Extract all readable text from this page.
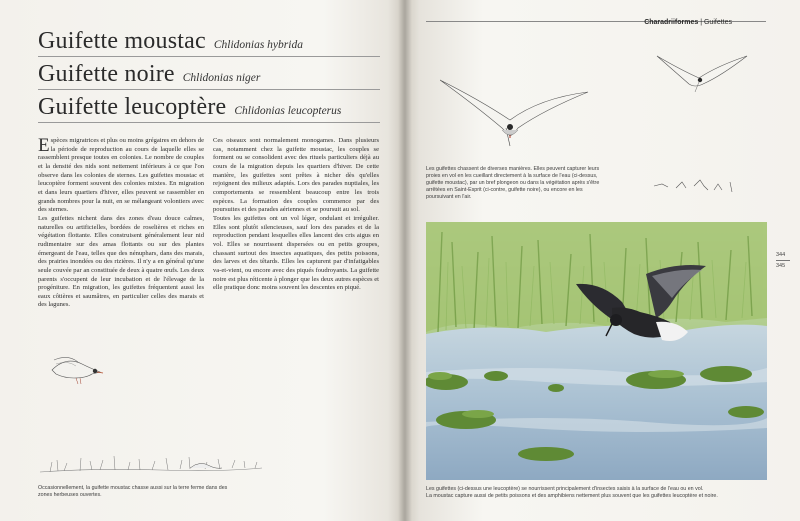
Guifette moustac Chlidonias hybrida
Guifette noire Chlidonias niger
Guifette leucoptère Chlidonias leucopterus

Espèces migratrices et plus ou moins grégaires en dehors de la période de reproduction au cours de laquelle elles se rassemblent presque toutes en colonies. Le nombre de couples et la densité des nids sont nettement inférieurs à ce que l'on observe dans les colonies de sternes. Les guifettes moustac et leucoptère forment souvent des colonies mixtes. En migration et dans leurs quartiers d'hiver, elles peuvent se rassembler en grands nombres pour la nuit, en se mélangeant volontiers avec des sternes.

Les guifettes nichent dans des zones d'eau douce calmes, naturelles ou artificielles, bordées de roselières et riches en végétation flottante. Elles construisent généralement leur nid rudimentaire sur des amas flottants ou sur des plantes émergeant de l'eau, telles que des nénuphars, dans des marais, des prairies inondées ou des rizières. Il n'y a en général qu'une seule couvée par an constituée de deux à quatre œufs. Les deux parents s'occupent de leur incubation et de l'élevage de la progéniture. En migration, les guifettes fréquentent aussi les eaux côtières et saumâtres, en particulier celles des marais et des lagunes.

Ces oiseaux sont normalement monogames. Dans plusieurs cas, notamment chez la guifette moustac, les couples se forment ou se consolident avec des rituels particuliers déjà au cours de la migration depuis les quartiers d'hiver. De cette manière, les guifettes sont prêtes à nicher dès qu'elles rejoignent des milieux adaptés. Lors des parades nuptiales, les comportements se ressemblent beaucoup entre les trois espèces. La formation des couples commence par des poursuites et des parades aériennes et se poursuit au sol.

Toutes les guifettes ont un vol léger, ondulant et irrégulier. Elles sont plutôt silencieuses, sauf lors des parades et de la reproduction pendant lesquelles elles lancent des cris aigus en vol. Elles se nourrissent dispersées ou en petits groupes, chassant surtout des insectes aquatiques, des petits poissons, des larves et des têtards. Elles les capturent par d'infatigables va-et-vient, ou encore avec des piqués foudroyants. La guifette noire est plus réticente à plonger que les deux autres espèces et elle pratique donc moins souvent les descentes en piqué.

Occasionnellement, la guifette moustac chasse aussi sur la terre ferme dans des zones herbeuses ouvertes.
Charadriiformes | Guifettes
Les guifettes chassent de diverses manières. Elles peuvent capturer leurs proies en vol en les cueillant directement à la surface de l'eau (ci-dessus, guifette moustac), par un bref plongeon ou dans la végétation après s'être arrêtées en Saint-Esprit (ci-contre, guifette noire), ou encore en les poursuivant en l'air.
344
345
Les guifettes (ci-dessus une leucoptère) se nourrissent principalement d'insectes saisis à la surface de l'eau ou en vol.
La moustac capture aussi de petits poissons et des amphibiens nettement plus souvent que les guifettes leucoptère et noire.
